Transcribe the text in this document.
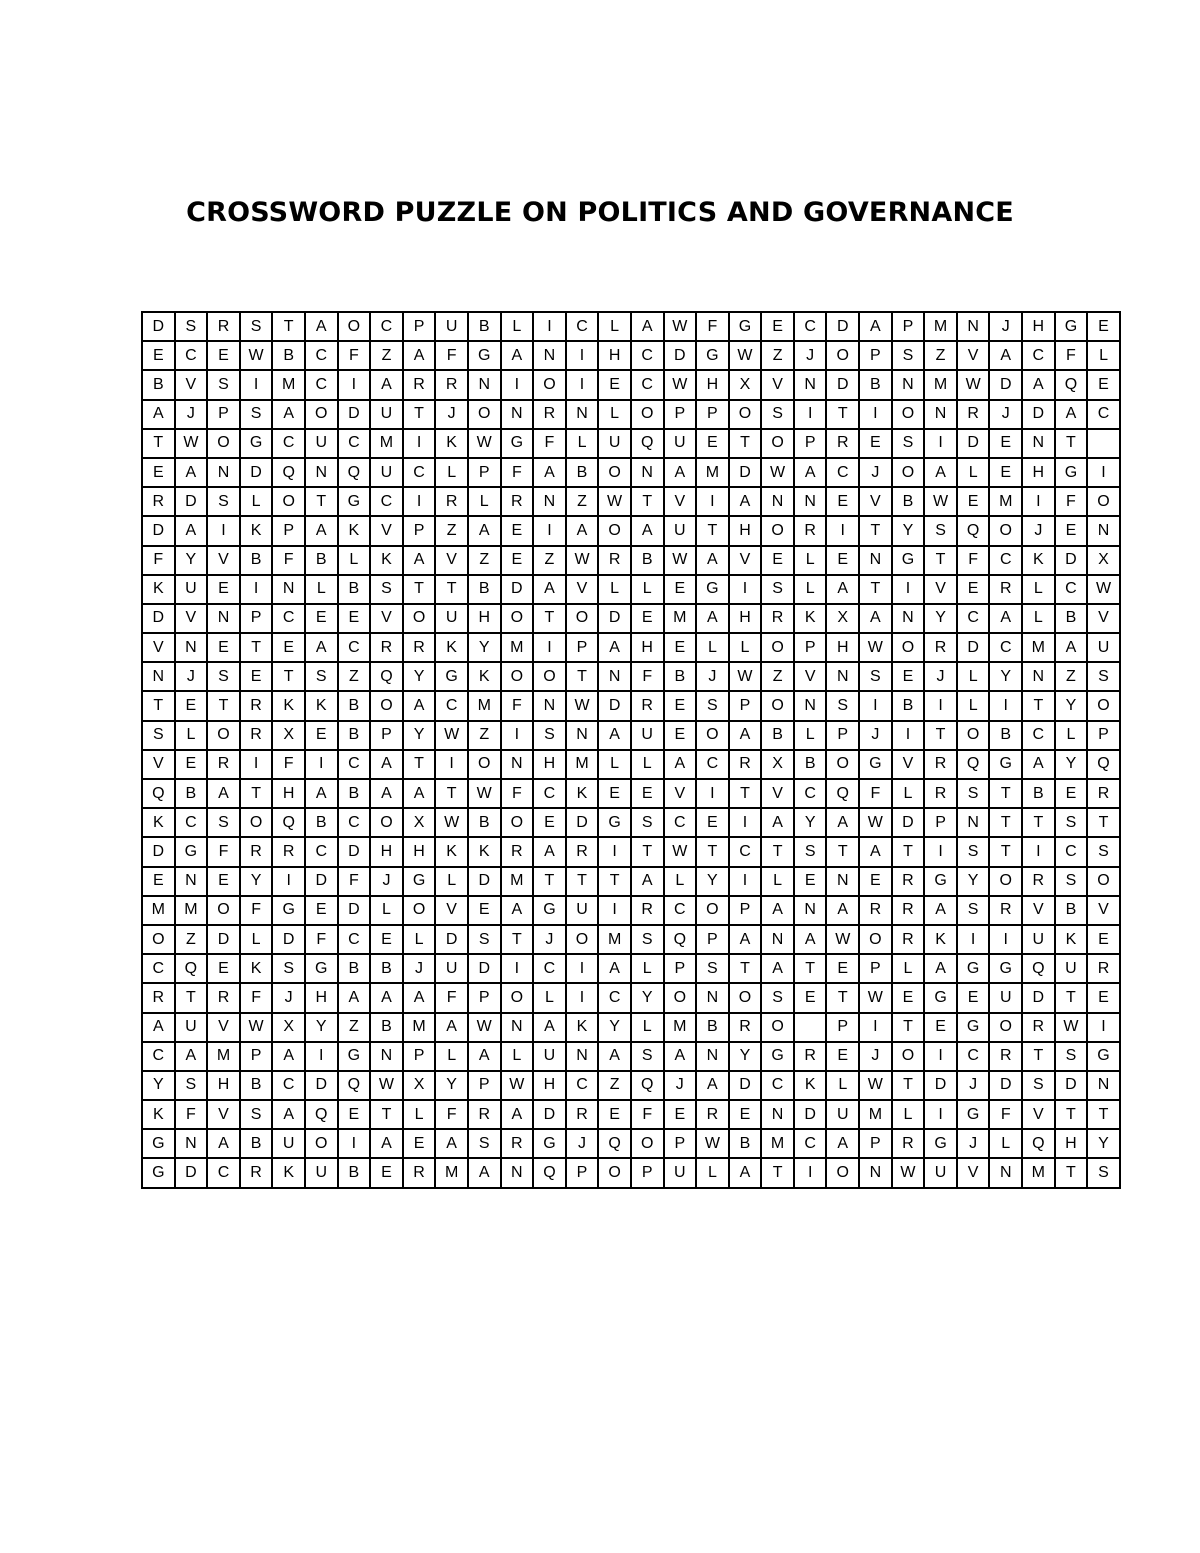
CROSSWORD PUZZLE ON POLITICS AND GOVERNANCE
D	S	R	S	T	A	O	C	P	U	B	L	I	C	L	A	W	F	G	E	C	D	A	P	M	N	J	H	G	E
E	C	E	W	B	C	F	Z	A	F	G	A	N	I	H	C	D	G	W	Z	J	O	P	S	Z	V	A	C	F	L
B	V	S	I	M	C	I	A	R	R	N	I	O	I	E	C	W	H	X	V	N	D	B	N	M	W	D	A	Q	E
A	J	P	S	A	O	D	U	T	J	O	N	R	N	L	O	P	P	O	S	I	T	I	O	N	R	J	D	A	C
T	W	O	G	C	U	C	M	I	K	W	G	F	L	U	Q	U	E	T	O	P	R	E	S	I	D	E	N	T	
E	A	N	D	Q	N	Q	U	C	L	P	F	A	B	O	N	A	M	D	W	A	C	J	O	A	L	E	H	G	I
R	D	S	L	O	T	G	C	I	R	L	R	N	Z	W	T	V	I	A	N	N	E	V	B	W	E	M	I	F	O
D	A	I	K	P	A	K	V	P	Z	A	E	I	A	O	A	U	T	H	O	R	I	T	Y	S	Q	O	J	E	N
F	Y	V	B	F	B	L	K	A	V	Z	E	Z	W	R	B	W	A	V	E	L	E	N	G	T	F	C	K	D	X
K	U	E	I	N	L	B	S	T	T	B	D	A	V	L	L	E	G	I	S	L	A	T	I	V	E	R	L	C	W
D	V	N	P	C	E	E	V	O	U	H	O	T	O	D	E	M	A	H	R	K	X	A	N	Y	C	A	L	B	V
V	N	E	T	E	A	C	R	R	K	Y	M	I	P	A	H	E	L	L	O	P	H	W	O	R	D	C	M	A	U
N	J	S	E	T	S	Z	Q	Y	G	K	O	O	T	N	F	B	J	W	Z	V	N	S	E	J	L	Y	N	Z	S
T	E	T	R	K	K	B	O	A	C	M	F	N	W	D	R	E	S	P	O	N	S	I	B	I	L	I	T	Y	O
S	L	O	R	X	E	B	P	Y	W	Z	I	S	N	A	U	E	O	A	B	L	P	J	I	T	O	B	C	L	P
V	E	R	I	F	I	C	A	T	I	O	N	H	M	L	L	A	C	R	X	B	O	G	V	R	Q	G	A	Y	Q
Q	B	A	T	H	A	B	A	A	T	W	F	C	K	E	E	V	I	T	V	C	Q	F	L	R	S	T	B	E	R
K	C	S	O	Q	B	C	O	X	W	B	O	E	D	G	S	C	E	I	A	Y	A	W	D	P	N	T	T	S	T
D	G	F	R	R	C	D	H	H	K	K	R	A	R	I	T	W	T	C	T	S	T	A	T	I	S	T	I	C	S
E	N	E	Y	I	D	F	J	G	L	D	M	T	T	T	A	L	Y	I	L	E	N	E	R	G	Y	O	R	S	O
M	M	O	F	G	E	D	L	O	V	E	A	G	U	I	R	C	O	P	A	N	A	R	R	A	S	R	V	B	V
O	Z	D	L	D	F	C	E	L	D	S	T	J	O	M	S	Q	P	A	N	A	W	O	R	K	I	I	U	K	E
C	Q	E	K	S	G	B	B	J	U	D	I	C	I	A	L	P	S	T	A	T	E	P	L	A	G	G	Q	U	R
R	T	R	F	J	H	A	A	A	F	P	O	L	I	C	Y	O	N	O	S	E	T	W	E	G	E	U	D	T	E
A	U	V	W	X	Y	Z	B	M	A	W	N	A	K	Y	L	M	B	R	O		P	I	T	E	G	O	R	W	I
C	A	M	P	A	I	G	N	P	L	A	L	U	N	A	S	A	N	Y	G	R	E	J	O	I	C	R	T	S	G
Y	S	H	B	C	D	Q	W	X	Y	P	W	H	C	Z	Q	J	A	D	C	K	L	W	T	D	J	D	S	D	N
K	F	V	S	A	Q	E	T	L	F	R	A	D	R	E	F	E	R	E	N	D	U	M	L	I	G	F	V	T	T
G	N	A	B	U	O	I	A	E	A	S	R	G	J	Q	O	P	W	B	M	C	A	P	R	G	J	L	Q	H	Y
G	D	C	R	K	U	B	E	R	M	A	N	Q	P	O	P	U	L	A	T	I	O	N	W	U	V	N	M	T	S
